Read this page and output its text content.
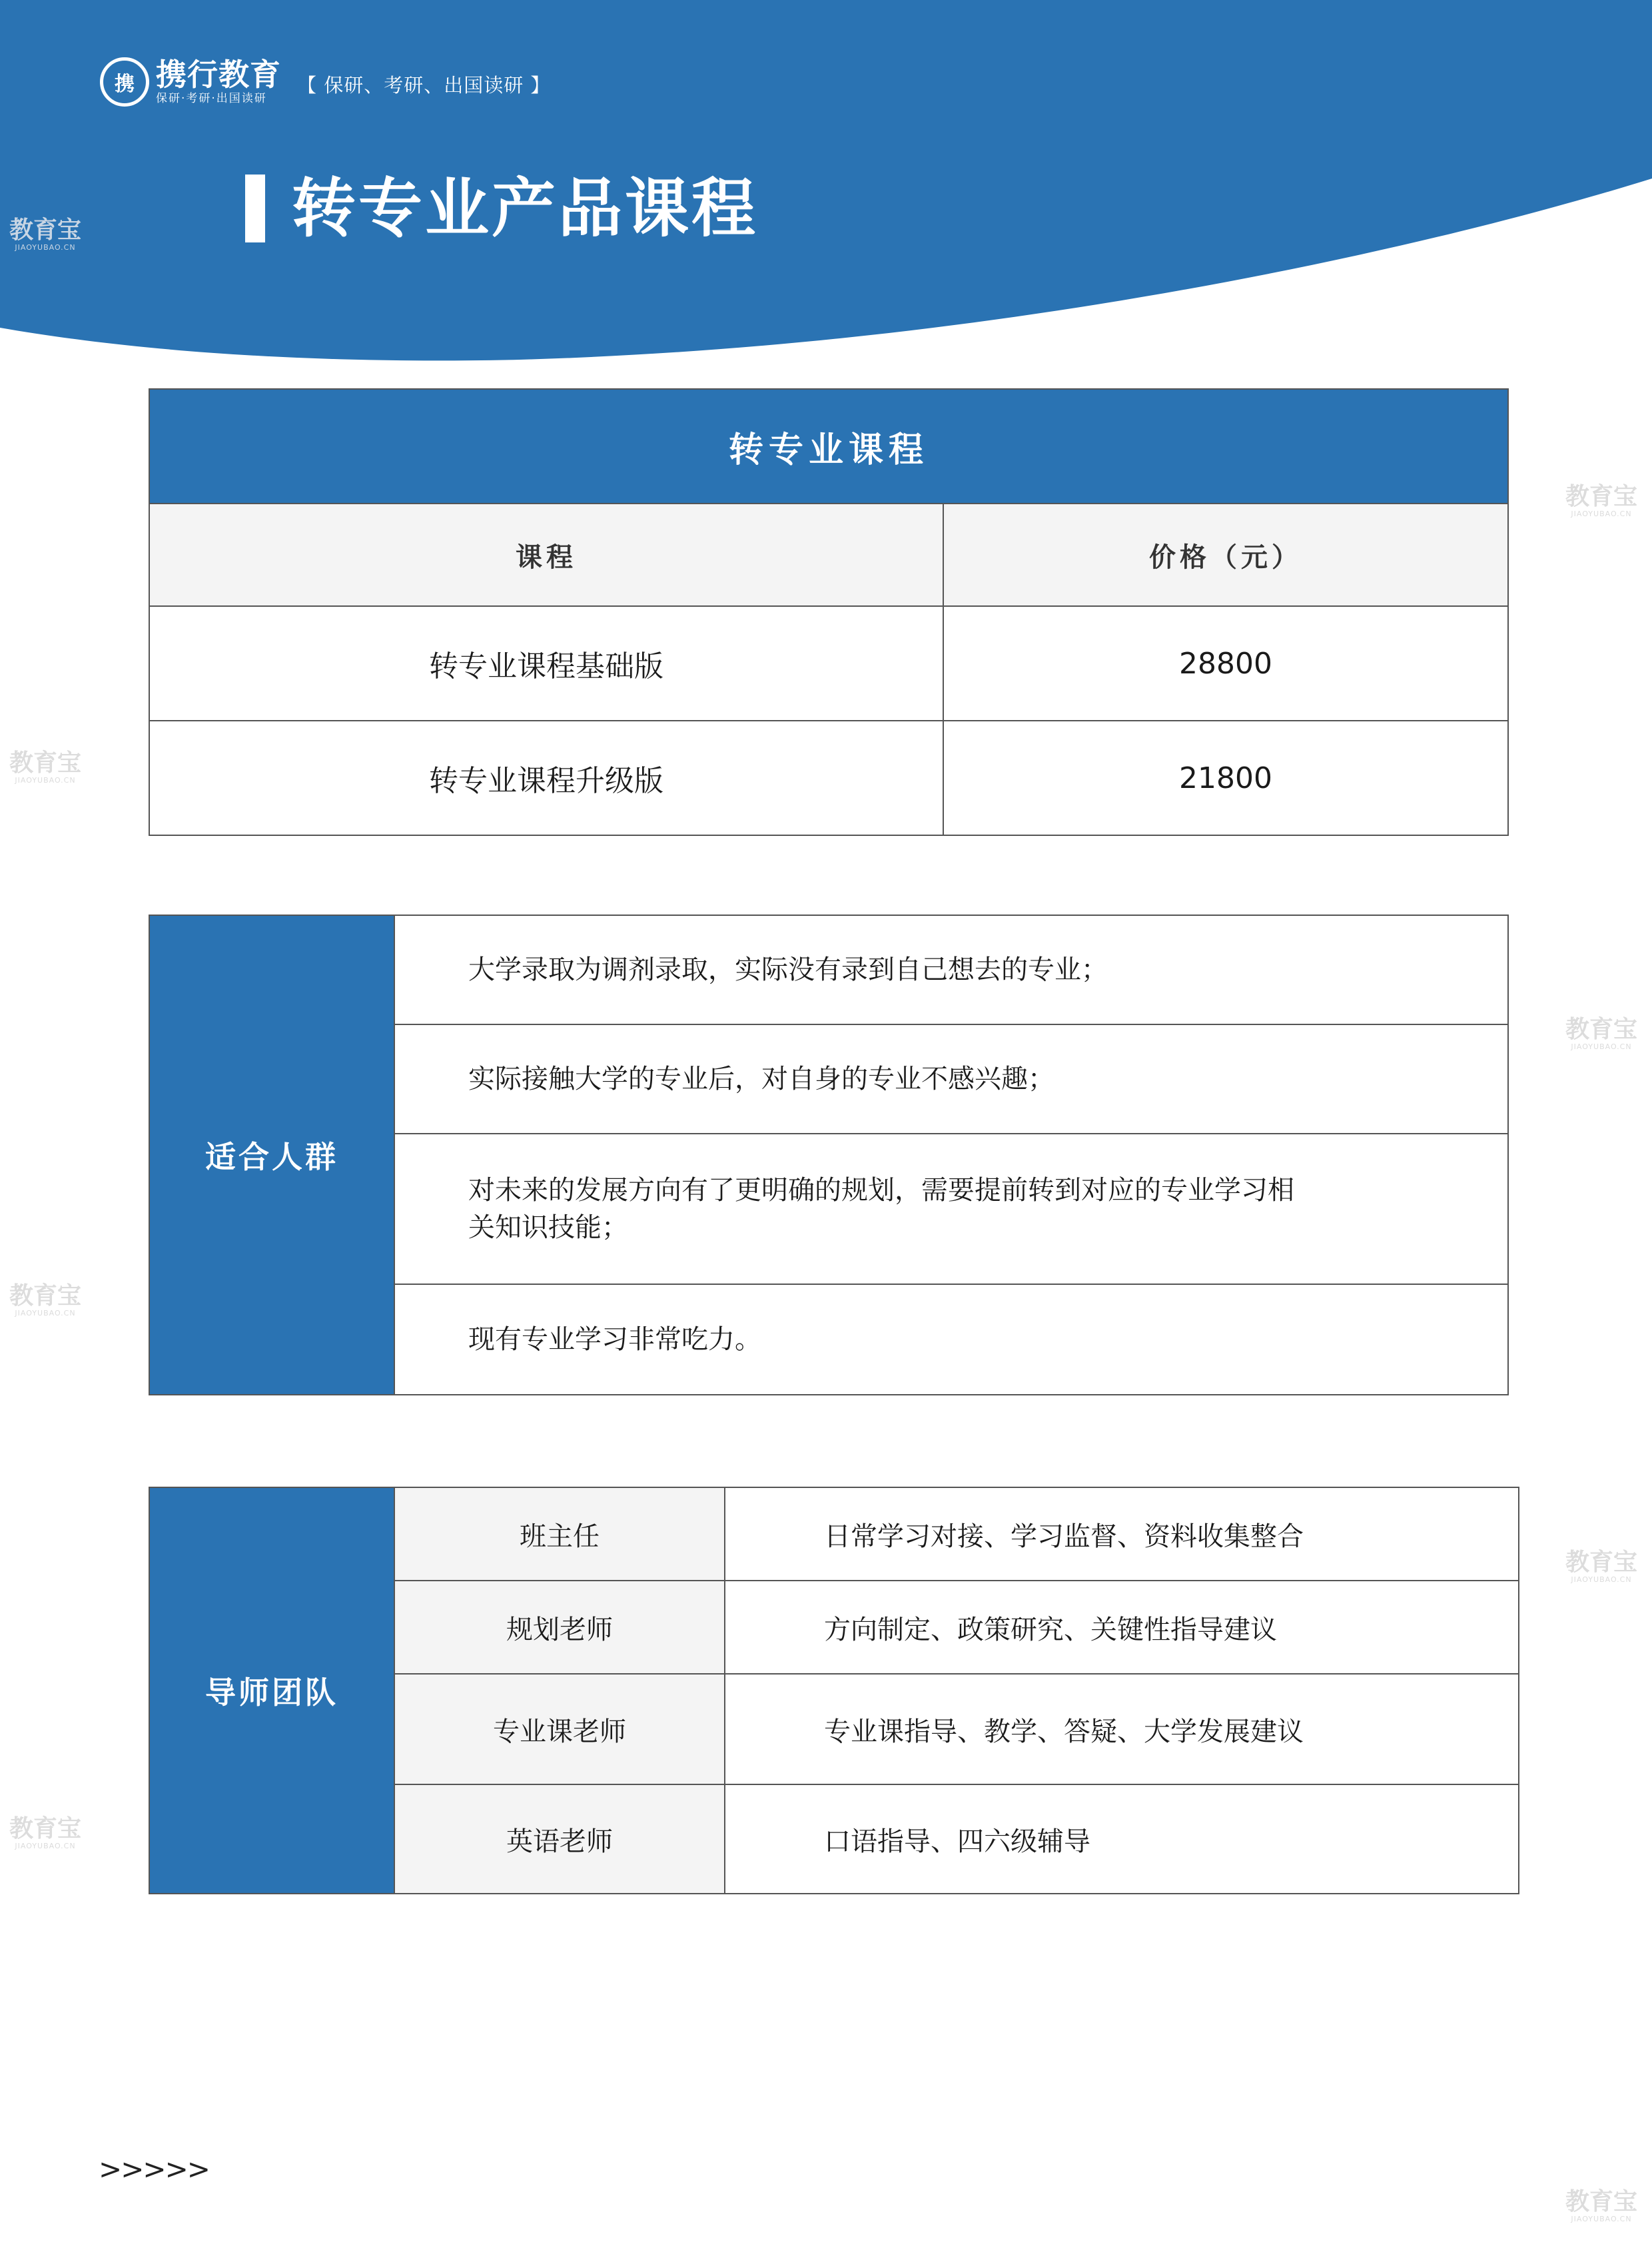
携 携行教育
保研·考研·出国读研
【 保研、考研、出国读研 】
转专业产品课程
教育宝
JIAOYUBAO.CN
教育宝
JIAOYUBAO.CN
教育宝
JIAOYUBAO.CN
教育宝
JIAOYUBAO.CN
教育宝
JIAOYUBAO.CN
教育宝
JIAOYUBAO.CN
教育宝
JIAOYUBAO.CN
教育宝
JIAOYUBAO.CN
转专业课程	
课程	价格（元）
转专业课程基础版	28800
转专业课程升级版	21800
适合人群	大学录取为调剂录取，实际没有录到自己想去的专业；
实际接触大学的专业后，对自身的专业不感兴趣；
对未来的发展方向有了更明确的规划，需要提前转到对应的专业学习相关知识技能；
现有专业学习非常吃力。
导师团队	班主任	日常学习对接、学习监督、资料收集整合
	规划老师	方向制定、政策研究、关键性指导建议
	专业课老师	专业课指导、教学、答疑、大学发展建议
	英语老师	口语指导、四六级辅导
>>>>>
